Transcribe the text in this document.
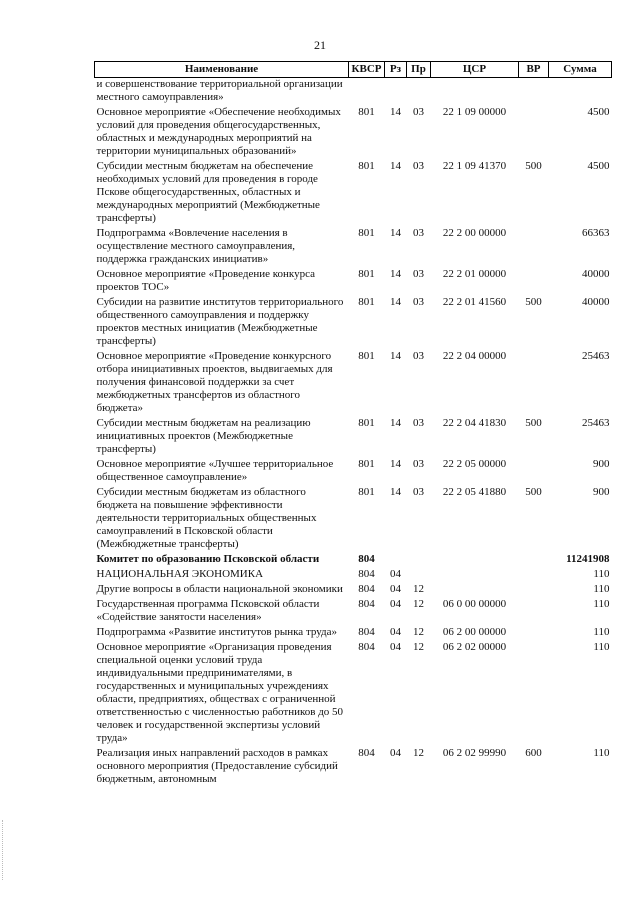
21
Наименование	КВСР	Рз	Пр	ЦСР	ВР	Сумма
и совершенствование территориальной организации местного самоуправления»						
Основное мероприятие «Обеспечение необходимых условий для проведения общегосударственных, областных и международных мероприятий на территории муниципальных образований»	801	14	03	22 1 09 00000		4500
Субсидии местным бюджетам на обеспечение необходимых условий для проведения в городе Пскове общегосударственных, областных и международных мероприятий (Межбюджетные трансферты)	801	14	03	22 1 09 41370	500	4500
Подпрограмма «Вовлечение населения в осуществление местного самоуправления, поддержка гражданских инициатив»	801	14	03	22 2 00 00000		66363
Основное мероприятие «Проведение конкурса проектов ТОС»	801	14	03	22 2 01 00000		40000
Субсидии на развитие институтов территориального общественного самоуправления и поддержку проектов местных инициатив (Межбюджетные трансферты)	801	14	03	22 2 01 41560	500	40000
Основное мероприятие «Проведение конкурсного отбора инициативных проектов, выдвигаемых для получения финансовой поддержки за счет межбюджетных трансфертов из областного бюджета»	801	14	03	22 2 04 00000		25463
Субсидии местным бюджетам на реализацию инициативных проектов (Межбюджетные трансферты)	801	14	03	22 2 04 41830	500	25463
Основное мероприятие «Лучшее территориальное общественное самоуправление»	801	14	03	22 2 05 00000		900
Субсидии местным бюджетам из областного бюджета на повышение эффективности деятельности территориальных общественных самоуправлений в Псковской области (Межбюджетные трансферты)	801	14	03	22 2 05 41880	500	900
Комитет по образованию Псковской области	804					11241908
НАЦИОНАЛЬНАЯ ЭКОНОМИКА	804	04				110
Другие вопросы в области национальной экономики	804	04	12			110
Государственная программа Псковской области «Содействие занятости населения»	804	04	12	06 0 00 00000		110
Подпрограмма «Развитие институтов рынка труда»	804	04	12	06 2 00 00000		110
Основное мероприятие «Организация проведения специальной оценки условий труда индивидуальными предпринимателями, в государственных и муниципальных учреждениях области, предприятиях, обществах с ограниченной ответственностью с численностью работников до 50 человек и государственной экспертизы условий труда»	804	04	12	06 2 02 00000		110
Реализация иных направлений расходов в рамках основного мероприятия (Предоставление субсидий бюджетным, автономным	804	04	12	06 2 02 99990	600	110
